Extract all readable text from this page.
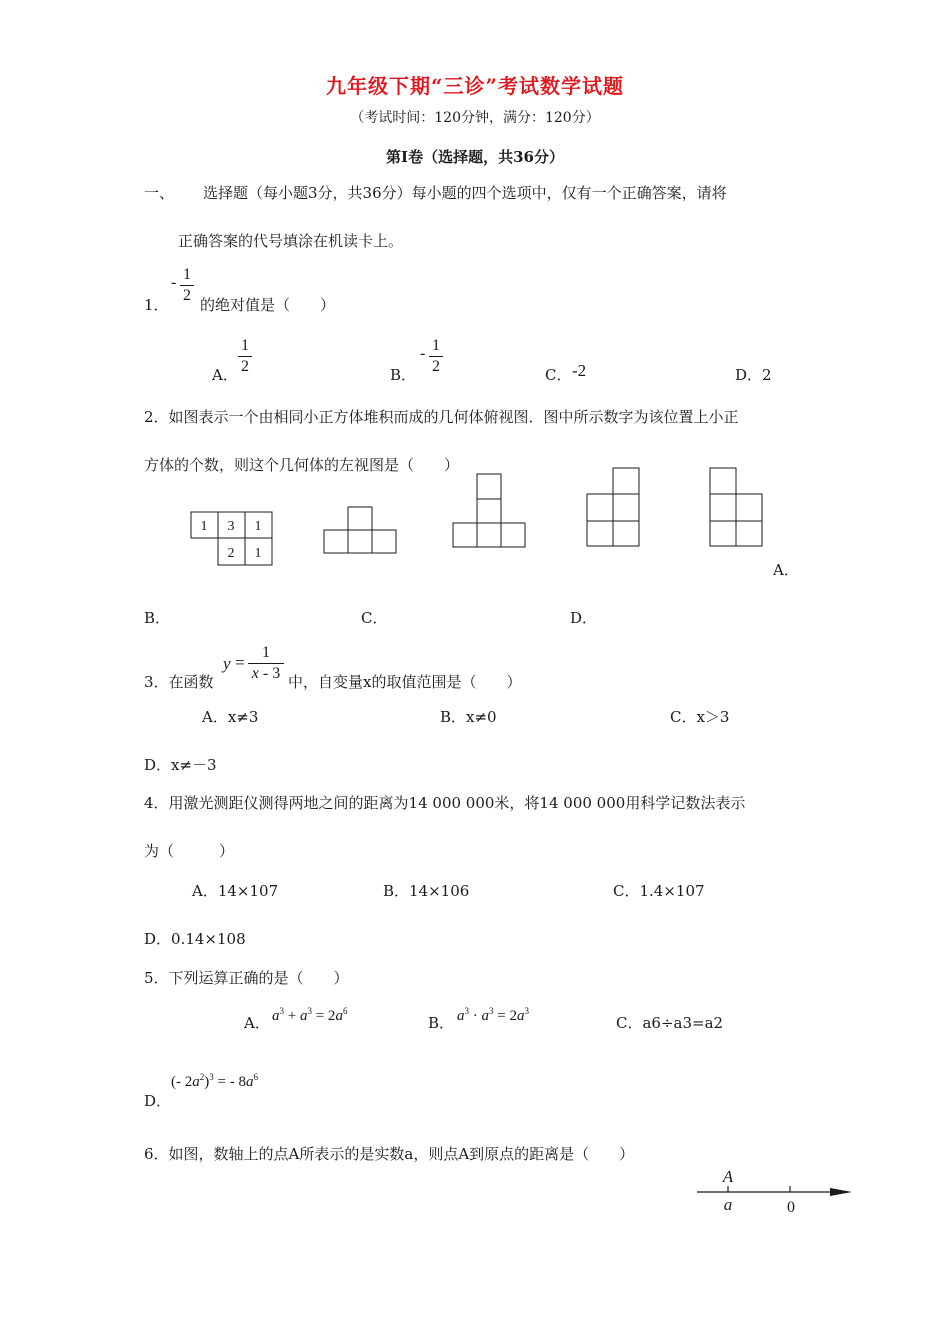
九年级下期“三诊”考试数学试题
（考试时间：120分钟，满分：120分）
第Ⅰ卷（选择题，共36分）
一、 选择题（每小题3分，共36分）每小题的四个选项中，仅有一个正确答案，请将
正确答案的代号填涂在机读卡上。
1．
- 1
2
的绝对值是（　　）
A．
1
2	B．
- 1
2	C． -2	D．2
2．如图表示一个由相同小正方体堆积而成的几何体俯视图．图中所示数字为该位置上小正
方体的个数，则这个几何体的左视图是（　　）
1 3 1
2 1
A
a	0
A．
B．	C．	D．
3．在函数
y =
1
x - 3 中，自变量x的取值范围是（　　）
A．x≠3	B．x≠0	C．x＞3
D．x≠－3
4．用激光测距仪测得两地之间的距离为14 000 000米，将14 000 000用科学记数法表示
为（　　　）
A．14×107	B．14×106	C．1.4×107
D．0.14×108
5．下列运算正确的是（　　）
A． $a^3 + a^3 = 2a^6$
B． $a^3 \cdot a^3 = 2a^3$
C．a6÷a3=a2
D．
(- $2a^2)^3$ = - $8a^6$
6．如图，数轴上的点A所表示的是实数a，则点A到原点的距离是（　　）
